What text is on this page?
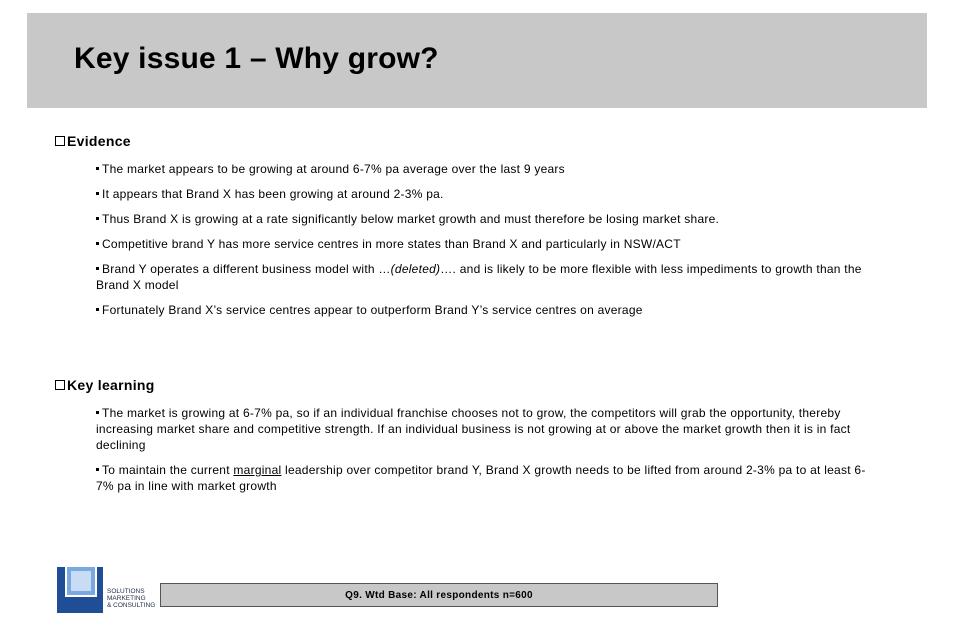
Key issue 1 – Why grow?
Evidence

The market appears to be growing at around 6-7% pa average over the last 9 years

It appears that Brand X has been growing at around 2-3% pa.

Thus Brand X is growing at a rate significantly below market growth and must therefore be losing market share.

Competitive brand Y has more service centres in more states than Brand X and particularly in NSW/ACT

Brand Y operates a different business model with …(deleted)…. and is likely to be more flexible with less impediments to growth than the Brand X model

Fortunately Brand X’s service centres appear to outperform Brand Y’s service centres on average

Key learning

The market is growing at 6-7% pa, so if an individual franchise chooses not to grow, the competitors will grab the opportunity, thereby increasing market share and competitive strength. If an individual business is not growing at or above the market growth then it is in fact declining

To maintain the current marginal leadership over competitor brand Y, Brand X growth needs to be lifted from around 2-3% pa to at least 6-7% pa in line with market growth

SOLUTIONS
MARKETING
& CONSULTING
Q9. Wtd Base: All respondents n=600
